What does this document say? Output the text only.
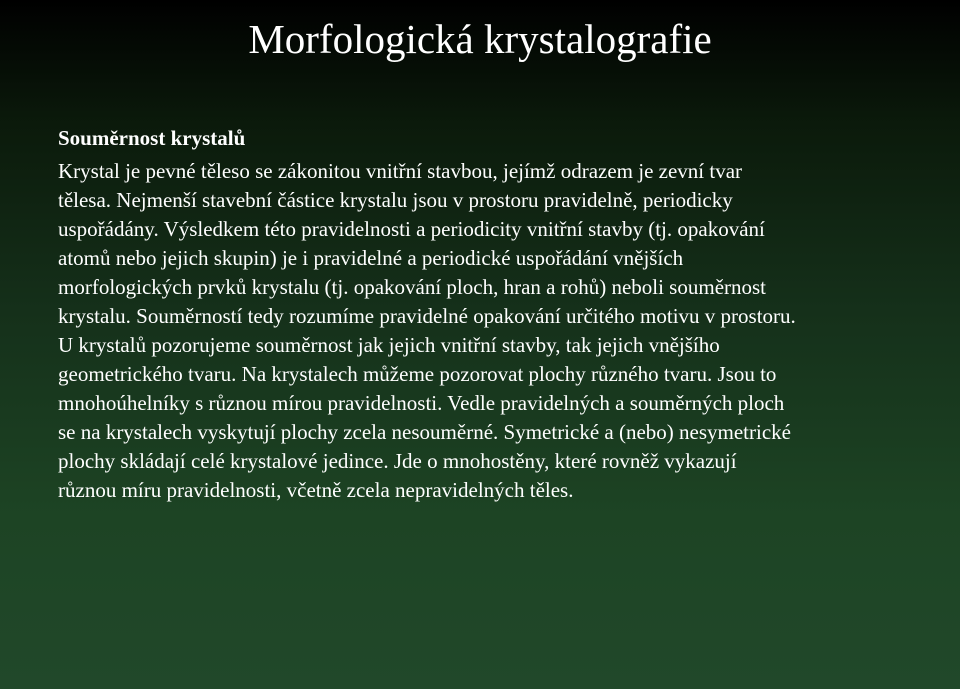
Morfologická krystalografie
Souměrnost krystalů
Krystal je pevné těleso se zákonitou vnitřní stavbou, jejímž odrazem je zevní tvar
tělesa. Nejmenší stavební částice krystalu jsou v prostoru pravidelně, periodicky
uspořádány. Výsledkem této pravidelnosti a periodicity vnitřní stavby (tj. opakování
atomů nebo jejich skupin) je i pravidelné a periodické uspořádání vnějších
morfologických prvků krystalu (tj. opakování ploch, hran a rohů) neboli souměrnost
krystalu. Souměrností tedy rozumíme pravidelné opakování určitého motivu v prostoru.
U krystalů pozorujeme souměrnost jak jejich vnitřní stavby, tak jejich vnějšího
geometrického tvaru. Na krystalech můžeme pozorovat plochy různého tvaru. Jsou to
mnohoúhelníky s různou mírou pravidelnosti. Vedle pravidelných a souměrných ploch
se na krystalech vyskytují plochy zcela nesouměrné. Symetrické a (nebo) nesymetrické
plochy skládají celé krystalové jedince. Jde o mnohostěny, které rovněž vykazují
různou míru pravidelnosti, včetně zcela nepravidelných těles.
